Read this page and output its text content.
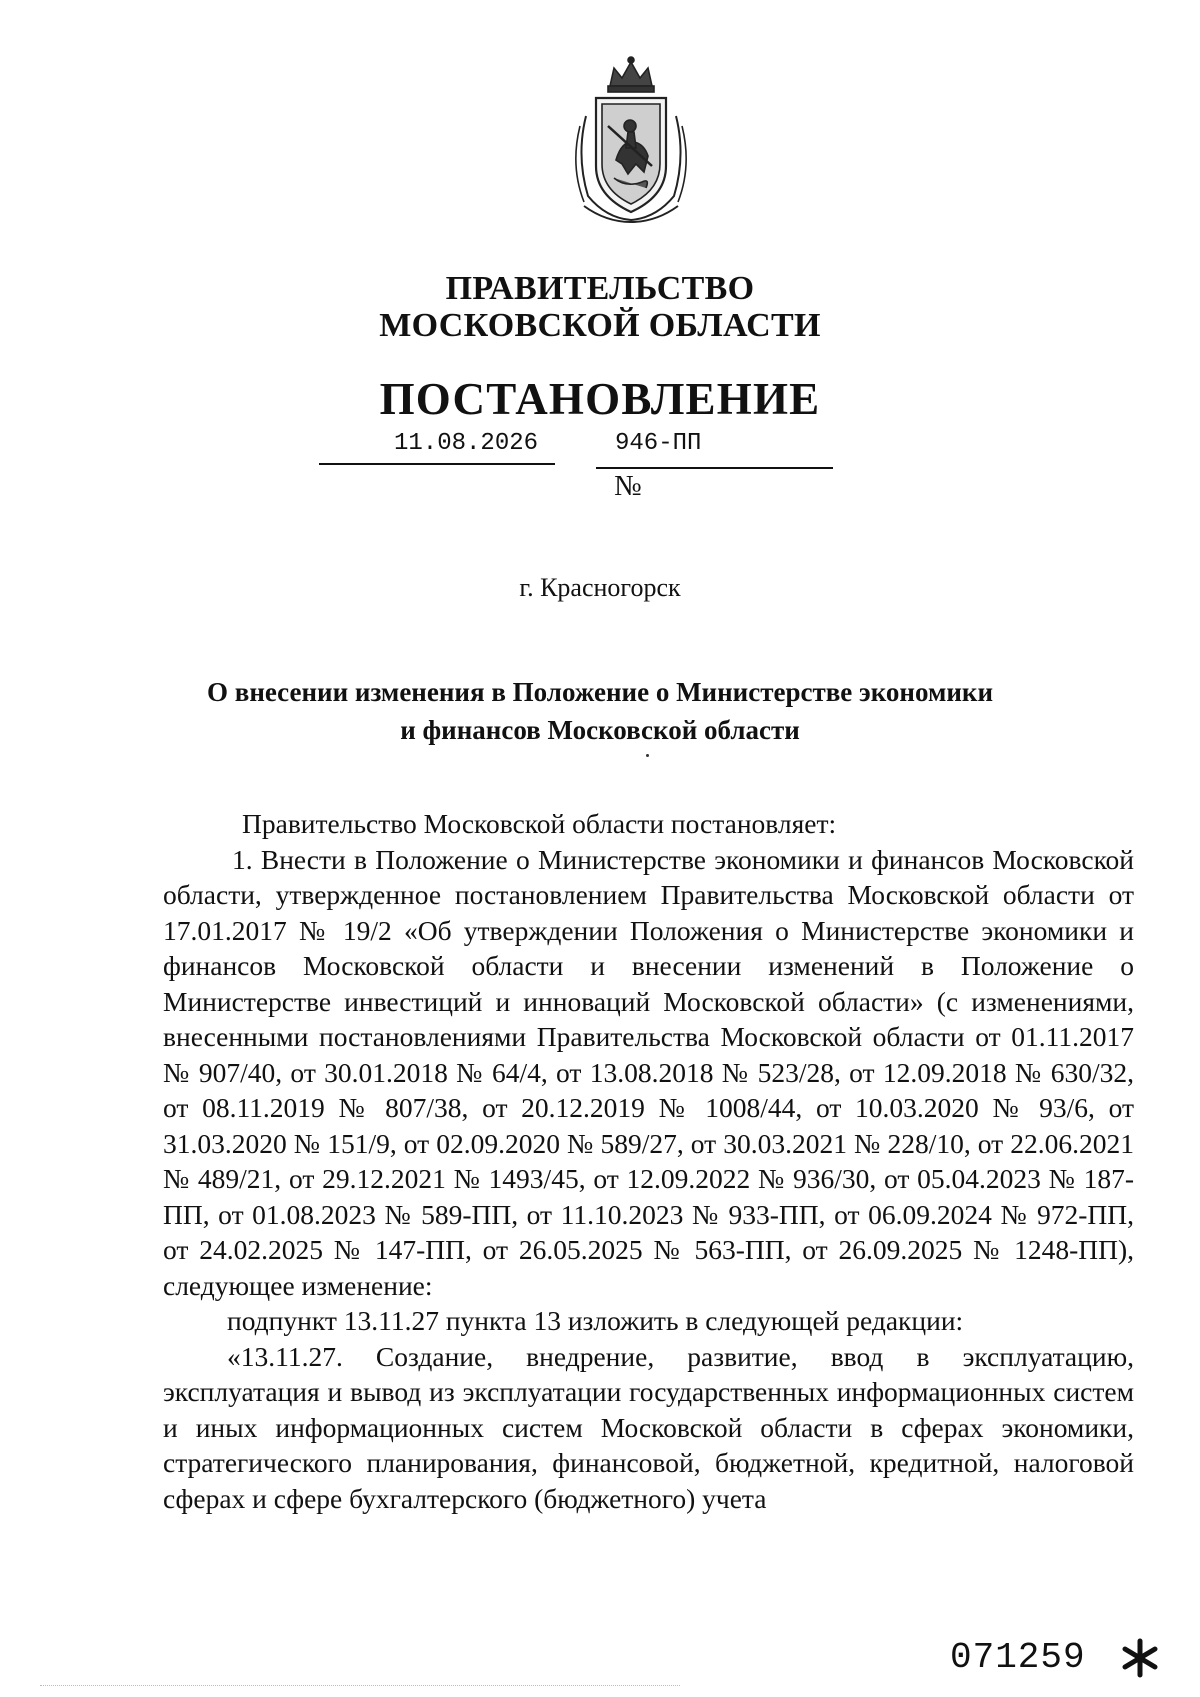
ПРАВИТЕЛЬСТВО
МОСКОВСКОЙ ОБЛАСТИ
ПОСТАНОВЛЕНИЕ
11.08.2026
№
946-ПП
г. Красногорск
О внесении изменения в Положение о Министерстве экономики
и финансов Московской области

Правительство Московской области постановляет:

1. Внести в Положение о Министерстве экономики и финансов Московской области, утвержденное постановлением Правительства Московской области от 17.01.2017 № 19/2 «Об утверждении Положения о Министерстве экономики и финансов Московской области и внесении изменений в Положение о Министерстве инвестиций и инноваций Московской области» (с изменениями, внесенными постановлениями Правительства Московской области от 01.11.2017 № 907/40, от 30.01.2018 № 64/4, от 13.08.2018 № 523/28, от 12.09.2018 № 630/32, от 08.11.2019 № 807/38, от 20.12.2019 № 1008/44, от 10.03.2020 № 93/6, от 31.03.2020 № 151/9, от 02.09.2020 № 589/27, от 30.03.2021 № 228/10, от 22.06.2021 № 489/21, от 29.12.2021 № 1493/45, от 12.09.2022 № 936/30, от 05.04.2023 № 187-ПП, от 01.08.2023 № 589-ПП, от 11.10.2023 № 933-ПП, от 06.09.2024 № 972-ПП, от 24.02.2025 № 147-ПП, от 26.05.2025 № 563-ПП, от 26.09.2025 № 1248-ПП), следующее изменение:

подпункт 13.11.27 пункта 13 изложить в следующей редакции:

«13.11.27. Создание, внедрение, развитие, ввод в эксплуатацию, эксплуатация и вывод из эксплуатации государственных информационных систем и иных информационных систем Московской области в сферах экономики, стратегического планирования, финансовой, бюджетной, кредитной, налоговой сферах и сфере бухгалтерского (бюджетного) учета

071259
